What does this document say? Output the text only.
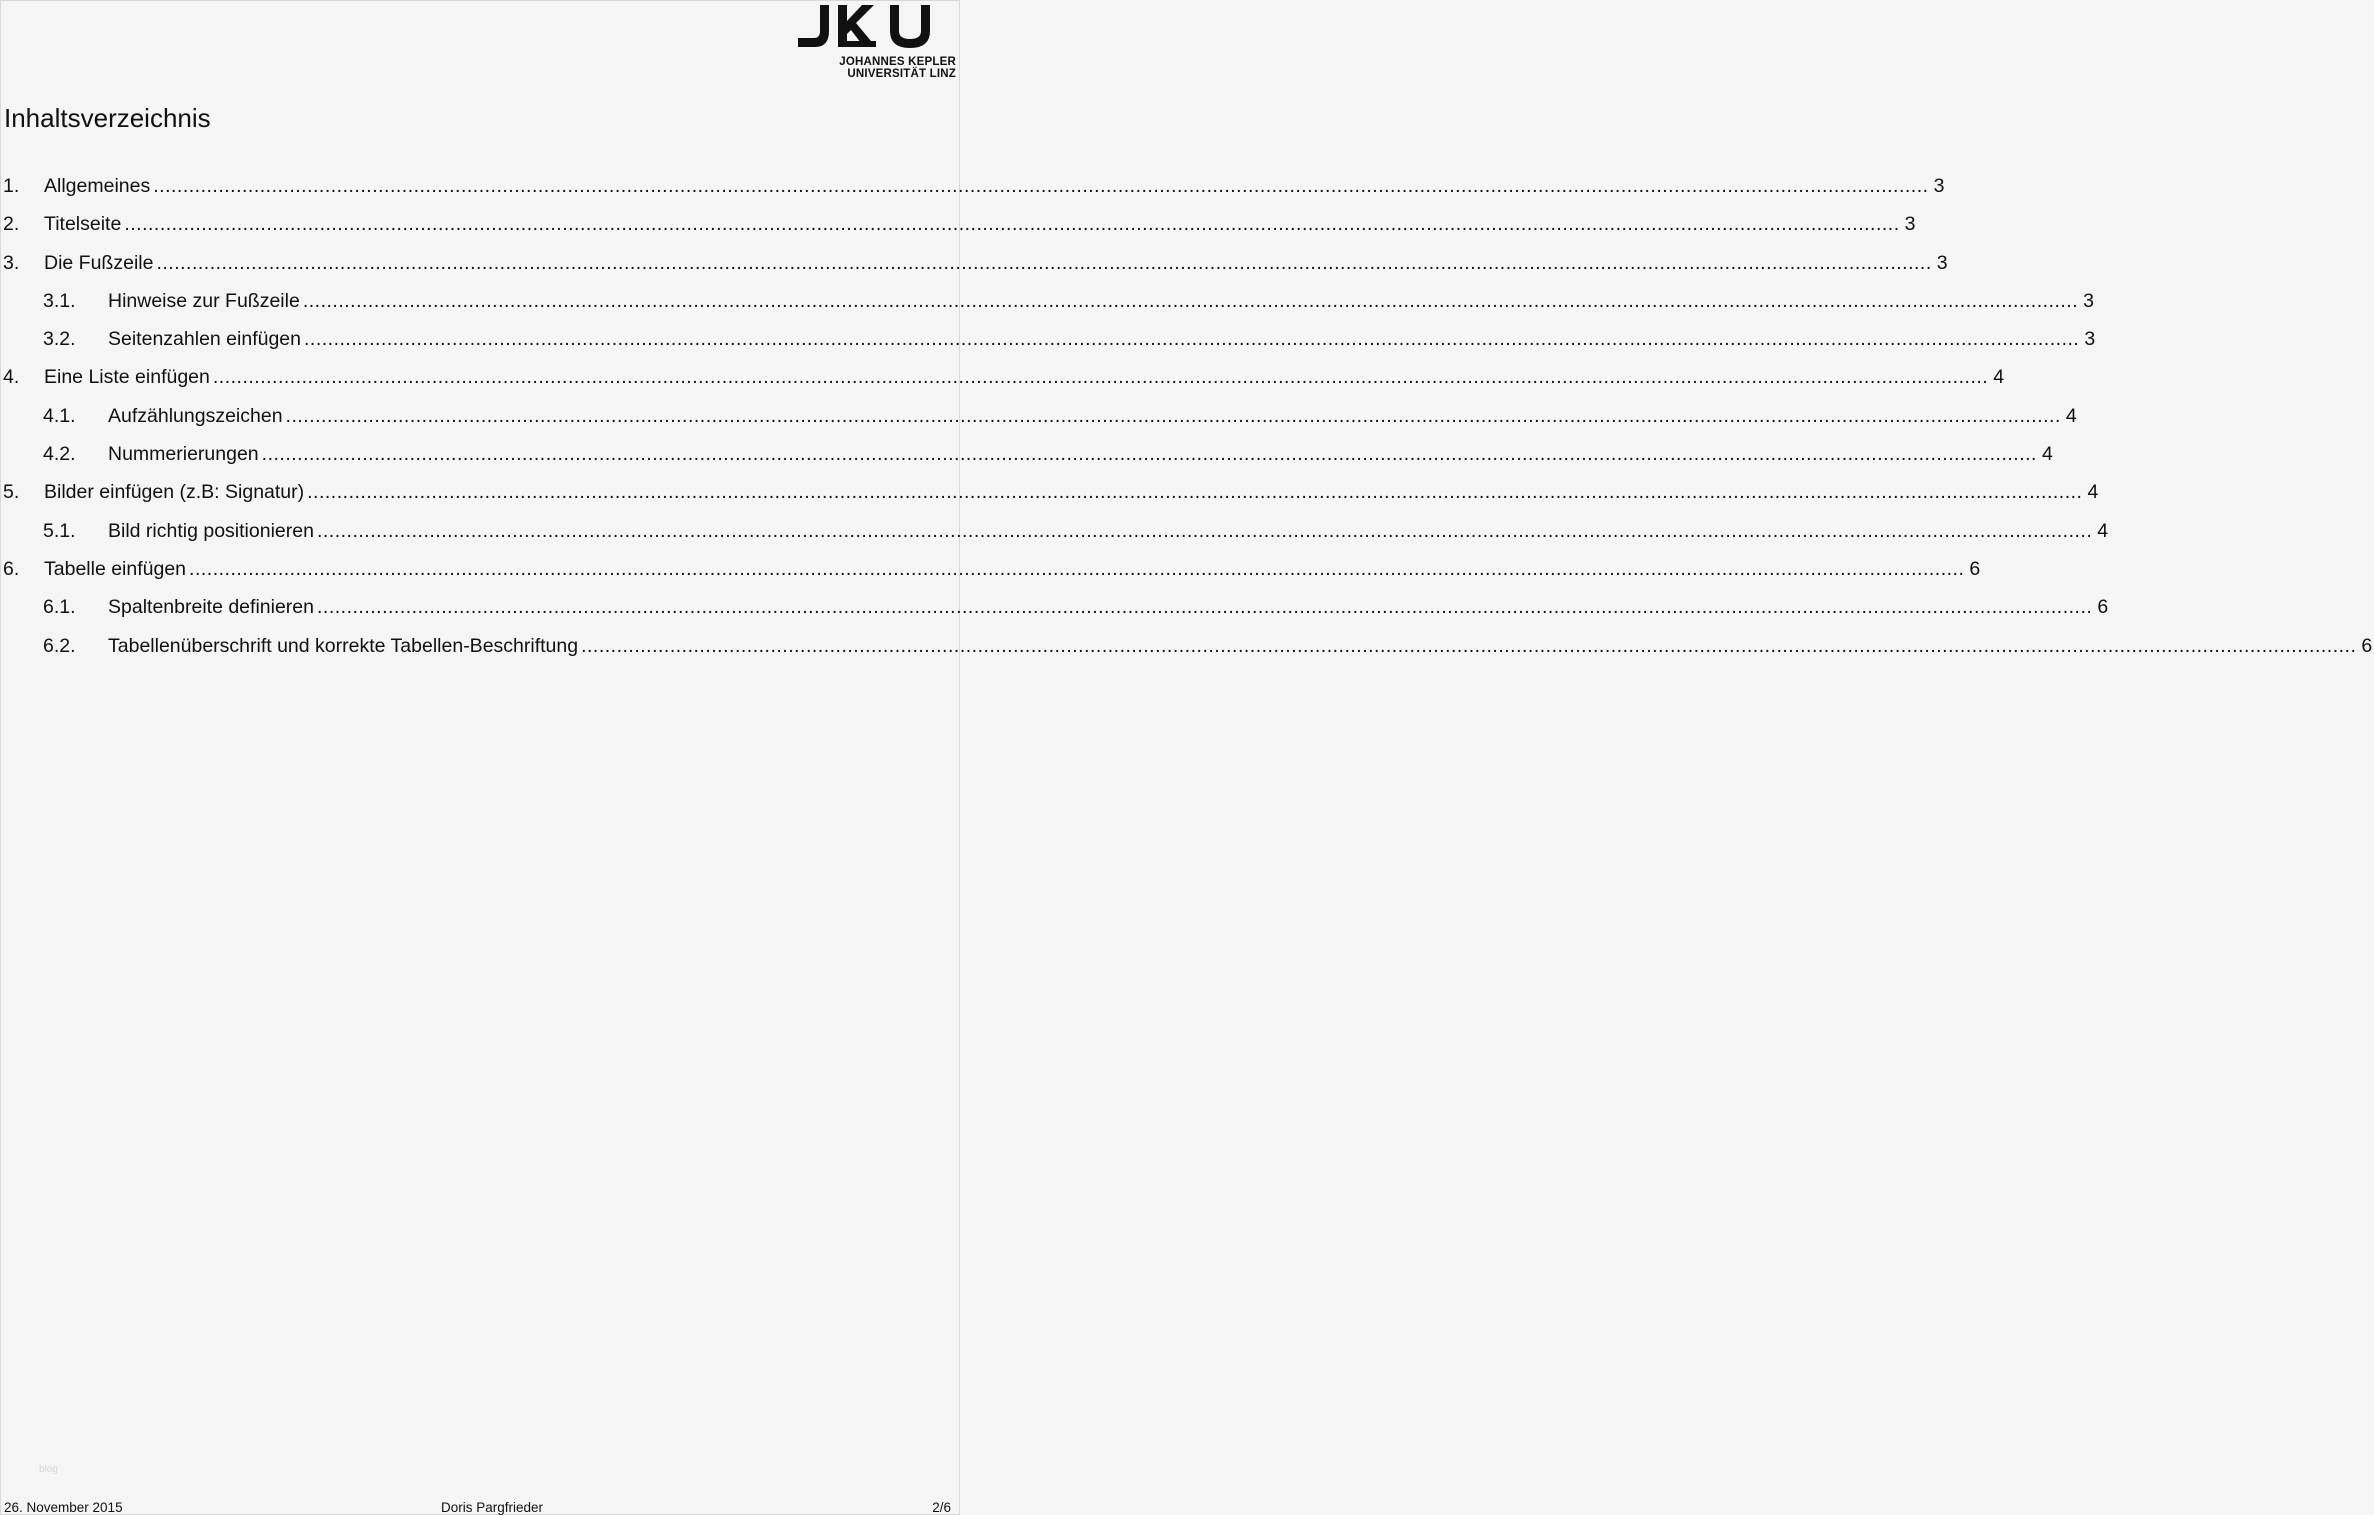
JOHANNES KEPLER
UNIVERSITÄT LINZ
Inhaltsverzeichnis
1.	Allgemeines ............................................................................................................................................................................................................................................................................................................ 3
2.	Titelseite ............................................................................................................................................................................................................................................................................................................ 3
3.	Die Fußzeile ............................................................................................................................................................................................................................................................................................................ 3
3.1.	Hinweise zur Fußzeile ............................................................................................................................................................................................................................................................................................................ 3
3.2.	Seitenzahlen einfügen ............................................................................................................................................................................................................................................................................................................ 3
4.	Eine Liste einfügen ............................................................................................................................................................................................................................................................................................................ 4
4.1.	Aufzählungszeichen ............................................................................................................................................................................................................................................................................................................ 4
4.2.	Nummerierungen ............................................................................................................................................................................................................................................................................................................ 4
5.	Bilder einfügen (z.B: Signatur) ............................................................................................................................................................................................................................................................................................................ 4
5.1.	Bild richtig positionieren ............................................................................................................................................................................................................................................................................................................ 4
6.	Tabelle einfügen ............................................................................................................................................................................................................................................................................................................ 6
6.1.	Spaltenbreite definieren ............................................................................................................................................................................................................................................................................................................ 6
6.2.	Tabellenüberschrift und korrekte Tabellen-Beschriftung ............................................................................................................................................................................................................................................................................................................ 6
blog
26. November 2015	Doris Pargfrieder	2/6
